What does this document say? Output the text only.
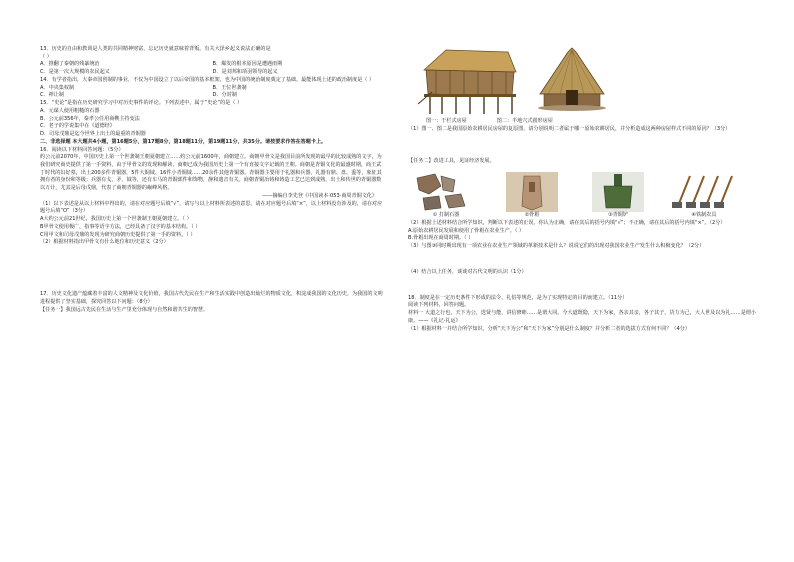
13．历史的自由和教训是人类的共同精神财富，忘记历史就意味着背叛。有关大泽乡起义说法正确的是

（ ）

A．推翻了秦朝的残暴统治	B．爆发的根本原因是遭遇雨期
C．是第一次大规模的农民起义	D．是刘邦和项羽领导的起义

14．有学者指出，大秦帝国创制的事业，不仅为中国设立了以后帝国的基本框架，也为中国的统治制度奠定了基础。最能体现上述的政治制度是（ ）

A．中央集权制	B．王位世袭制
C．禅让制	D．分封制

15．“史论”是指在历史研究学习中对历史事件的评论。下列表述中，属于“史论”的是（ ）

A．元谋人使用粗糙的石器

B．公元前356年，秦孝公任用商鞅主持变法

C．老子的学说集中在《道德经》

D．司母戊鼎是迄今世界上出土的最重的青铜器

二、非选择题 本大题共4小题，第16题5分，第17题8分，第18题11分，第19题11分，共35分。请按要求作答在答题卡上。

16．阅读以下材料回答问题：（5分）

约公元前2070年，中国历史上第一个世袭制王朝夏朝建立……约公元前1600年，商朝建立。商朝甲骨文是我国目前所发现的最早的比较成熟的文字，为我们研究商史提供了第一手资料，由于甲骨文的发现和解读，商朝已成为我国历史上第一个有直接文字记载的王朝。商朝是青铜文化的最盛时期，商王武丁时代的妇好墓，出土200多件青铜器，5件大铜钺、16件小青铜钺……20余件其他青铜器。青铜器主要用于礼器和兵器，礼器有鼎、盘、盉等，象征其拥有者的身份和等级；兵器有戈、矛、钺等，还有车马的青铜部件和饰物，静和遗音有关。商朝青铜冶铸和铸造工艺已达到成熟，出土和传世的青铜器数以万计，尤其是后母戊鼎，代表了商朝青铜器的巅峰风格。

——摘编自李先登《中国读本·053·商周青铜文化》

（1）以下表述是从以上材料中得出的，请在对应题号后填“√”，请写与以上材料所表述的意思，请在对应题号后填“×”，以上材料没有涉及的，请在对应题号后填“O”（3分）

A大约公元前21世纪，我国历史上第一个世袭制王朝夏朝建立。（ ）

B甲骨文使用极广，指事等语字方法，已经具备了汉字的基本结构。（ ）

C用甲文和司母戊鼎的发现为研究商朝历史提供了第一手的资料。（ ）

（2）根据材料指出甲骨文有什么地位和历史意义（2分）

17．历史文化遗产蕴藏着丰富的人文精神及文化价值，我国古代先民在生产和生活实践中创造出灿烂的物质文化，积淀成我国的文化历史，为我国的文明进程提供了坚实基础，探究回答以下问题：（8分）

【任务一】我国远古先民在生活与生产里充分体现与自然和谐共生的智慧。

图一：干栏式房屋	图二：半地穴式圆形房屋

（1）图一、图二是我国原始农耕居民房屋的复原图，请分别说明二者属于哪一原始农耕居民，并分析造成这两种房屋样式不同的原因？（3分）

【任务二】改进工具，见证经济发展。

① 打制石器	②骨耜	③青铜铲	④铁制农具

（2）根据上述材料结合所学知识，判断以下表述的正误。你认为正确，请在其后的括号内填“√”；不正确，请在其后的括号内填“×”。（2分）

A.原始农耕居民发展和使用了骨耜在农业生产。（ ）

B.骨耜出现在商周时期。（ ）

（3）与图③同时期出现有一项农业在农业生产领域的革新技术是什么？说说它们的出现对我国农业生产发生什么积极变化？（2分）

（4）结合以上任务，谈谈对古代文明的认识（1分）

18．制度是在一定历史条件下形成的法令、礼俗等规范，是为了实现特定的目的而建立。（11分）

阅读下列材料，回答问题。

材料一 大道之行也，天下为公，选贤与能，讲信修睦……是谓大同。今大道既隐，天下为家，各亲其亲，各子其子，货力为己，大人世及以为礼……是谓小康。——《礼记·礼运》

（1）根据材料一并结合所学知识，分析“天下为公”和“天下为家”分别是什么制度？并分析二者的选拔方式有何不同？（4分）
